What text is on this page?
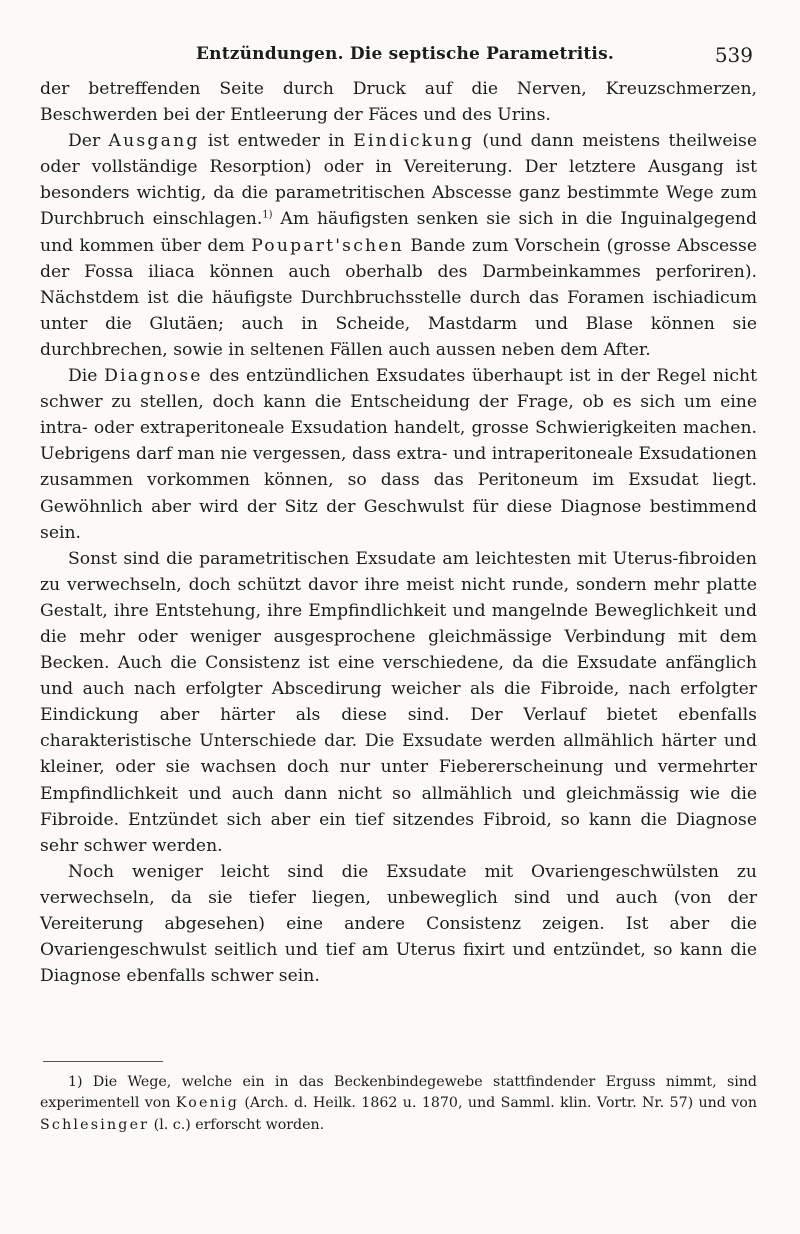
Entzündungen. Die septische Parametritis.	539

der betreffenden Seite durch Druck auf die Nerven, Kreuzschmerzen, Beschwerden bei der Entleerung der Fäces und des Urins.

Der Ausgang ist entweder in Eindickung (und dann meistens theilweise oder vollständige Resorption) oder in Vereiterung. Der letztere Ausgang ist besonders wichtig, da die parametritischen Abscesse ganz bestimmte Wege zum Durchbruch einschlagen.$^{1)}$ Am häufigsten senken sie sich in die Inguinalgegend und kommen über dem Poupart'schen Bande zum Vorschein (grosse Abscesse der Fossa iliaca können auch oberhalb des Darmbeinkammes perforiren). Nächstdem ist die häufigste Durchbruchsstelle durch das Foramen ischiadicum unter die Glutäen; auch in Scheide, Mastdarm und Blase können sie durchbrechen, sowie in seltenen Fällen auch aussen neben dem After.

Die Diagnose des entzündlichen Exsudates überhaupt ist in der Regel nicht schwer zu stellen, doch kann die Entscheidung der Frage, ob es sich um eine intra- oder extraperitoneale Exsudation handelt, grosse Schwierigkeiten machen. Uebrigens darf man nie vergessen, dass extra- und intraperitoneale Exsudationen zusammen vorkommen können, so dass das Peritoneum im Exsudat liegt. Gewöhnlich aber wird der Sitz der Geschwulst für diese Diagnose bestimmend sein.

Sonst sind die parametritischen Exsudate am leichtesten mit Uterus-fibroiden zu verwechseln, doch schützt davor ihre meist nicht runde, sondern mehr platte Gestalt, ihre Entstehung, ihre Empfindlichkeit und mangelnde Beweglichkeit und die mehr oder weniger ausgesprochene gleichmässige Verbindung mit dem Becken. Auch die Consistenz ist eine verschiedene, da die Exsudate anfänglich und auch nach erfolgter Abscedirung weicher als die Fibroide, nach erfolgter Eindickung aber härter als diese sind. Der Verlauf bietet ebenfalls charakteristische Unterschiede dar. Die Exsudate werden allmählich härter und kleiner, oder sie wachsen doch nur unter Fiebererscheinung und vermehrter Empfindlichkeit und auch dann nicht so allmählich und gleichmässig wie die Fibroide. Entzündet sich aber ein tief sitzendes Fibroid, so kann die Diagnose sehr schwer werden.

Noch weniger leicht sind die Exsudate mit Ovariengeschwülsten zu verwechseln, da sie tiefer liegen, unbeweglich sind und auch (von der Vereiterung abgesehen) eine andere Consistenz zeigen. Ist aber die Ovariengeschwulst seitlich und tief am Uterus fixirt und entzündet, so kann die Diagnose ebenfalls schwer sein.

1) Die Wege, welche ein in das Beckenbindegewebe stattfindender Erguss nimmt, sind experimentell von Koenig (Arch. d. Heilk. 1862 u. 1870, und Samml. klin. Vortr. Nr. 57) und von Schlesinger (l. c.) erforscht worden.
